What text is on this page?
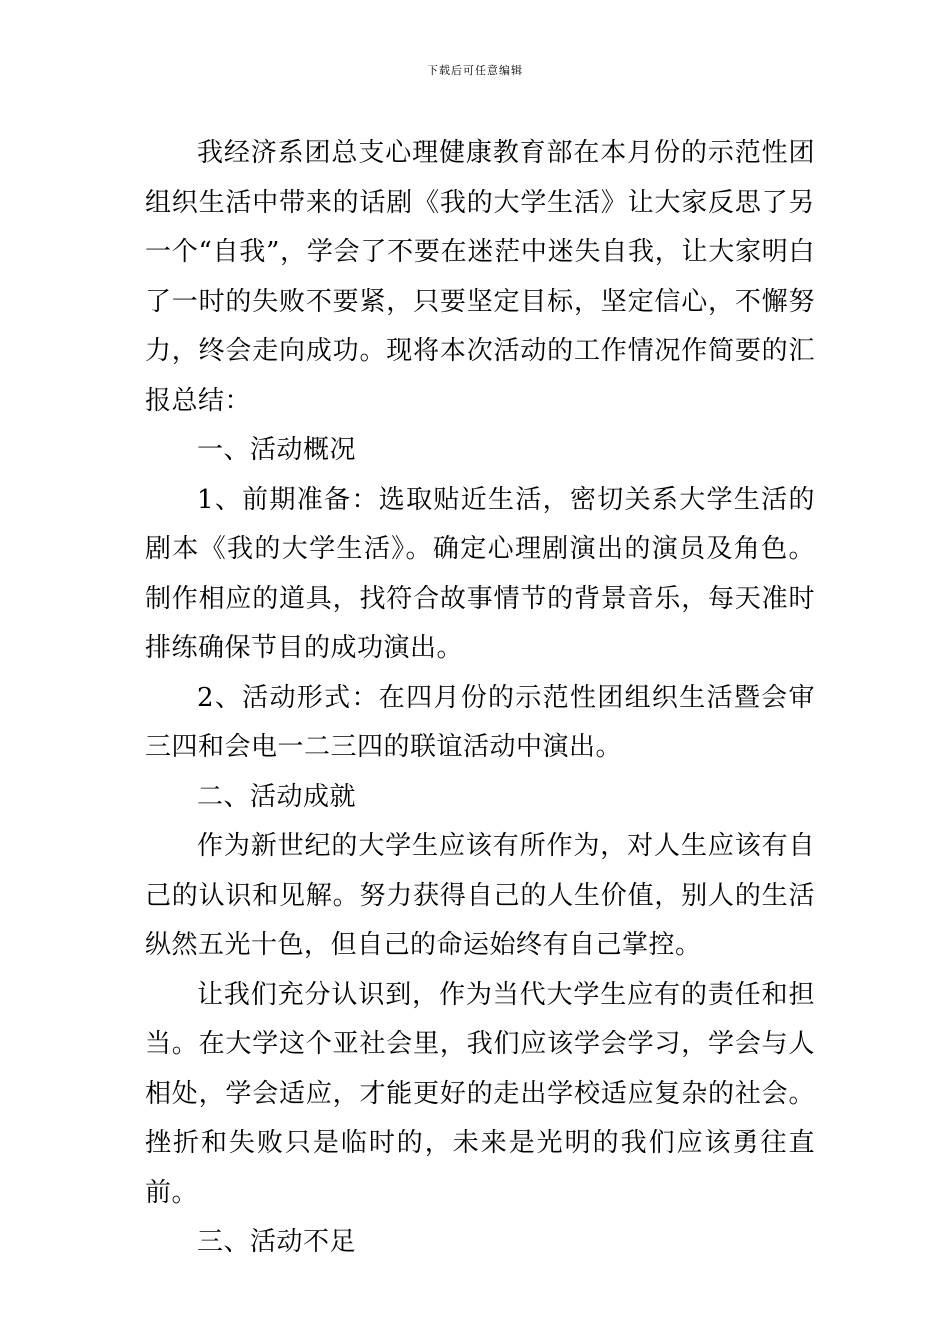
下载后可任意编辑

我经济系团总支心理健康教育部在本月份的示范性团组织生活中带来的话剧《我的大学生活》让大家反思了另一个“自我”，学会了不要在迷茫中迷失自我，让大家明白了一时的失败不要紧，只要坚定目标，坚定信心，不懈努力，终会走向成功。现将本次活动的工作情况作简要的汇报总结：

一、活动概况

1、前期准备：选取贴近生活，密切关系大学生活的剧本《我的大学生活》。确定心理剧演出的演员及角色。制作相应的道具，找符合故事情节的背景音乐，每天准时排练确保节目的成功演出。

2、活动形式：在四月份的示范性团组织生活暨会审三四和会电一二三四的联谊活动中演出。

二、活动成就

作为新世纪的大学生应该有所作为，对人生应该有自己的认识和见解。努力获得自己的人生价值，别人的生活纵然五光十色，但自己的命运始终有自己掌控。

让我们充分认识到，作为当代大学生应有的责任和担当。在大学这个亚社会里，我们应该学会学习，学会与人相处，学会适应，才能更好的走出学校适应复杂的社会。挫折和失败只是临时的，未来是光明的我们应该勇往直前。

三、活动不足
